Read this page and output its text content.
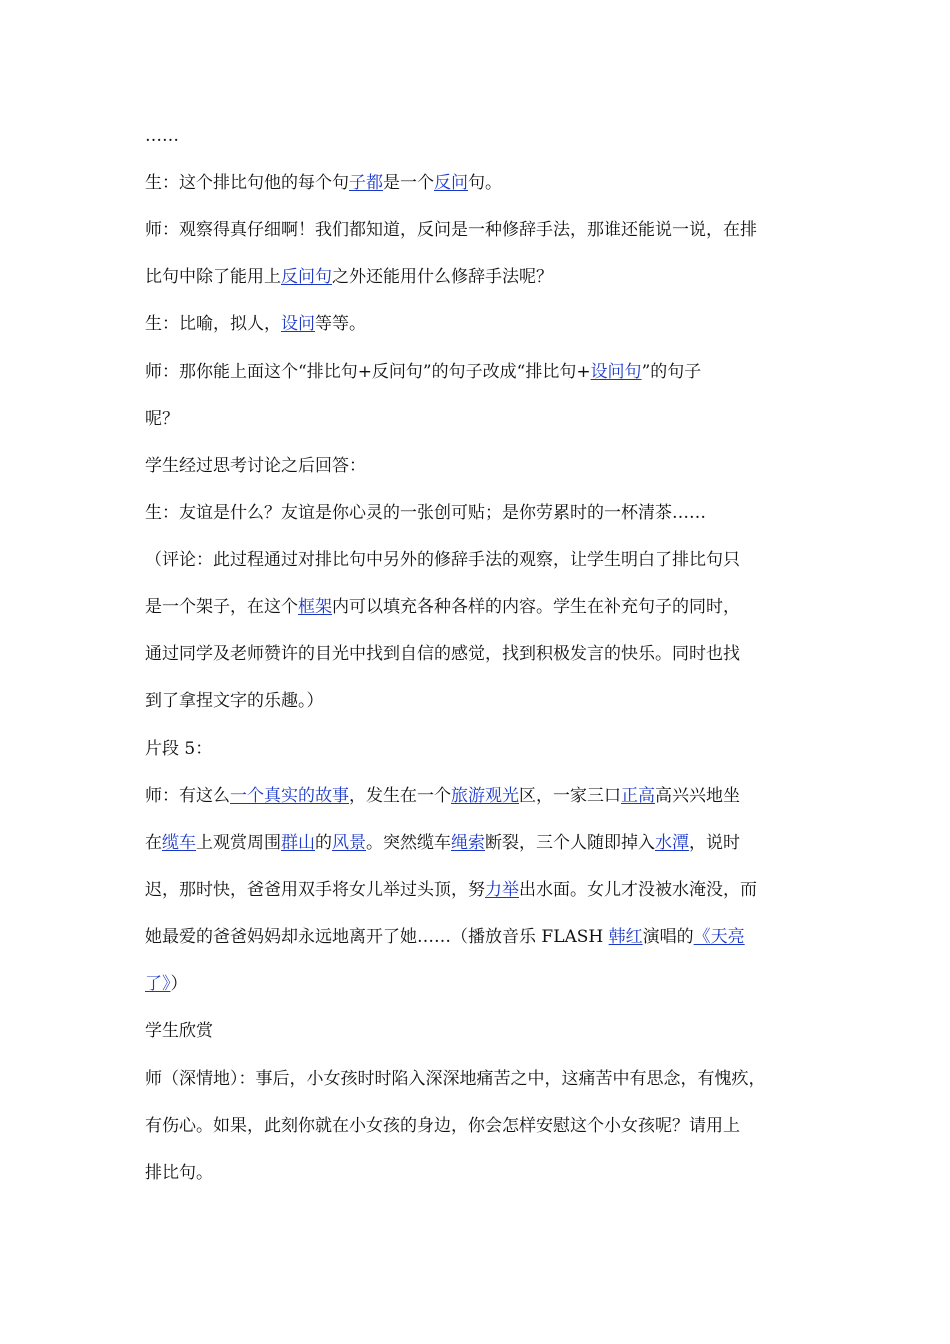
……
生：这个排比句他的每个句子都是一个反问句。
师：观察得真仔细啊！我们都知道，反问是一种修辞手法，那谁还能说一说，在排
比句中除了能用上反问句之外还能用什么修辞手法呢？
生：比喻，拟人，设问等等。
师：那你能上面这个“排比句+反问句”的句子改成“排比句+设问句”的句子
呢？
学生经过思考讨论之后回答：
生：友谊是什么？友谊是你心灵的一张创可贴；是你劳累时的一杯清茶……
（评论：此过程通过对排比句中另外的修辞手法的观察，让学生明白了排比句只
是一个架子，在这个框架内可以填充各种各样的内容。学生在补充句子的同时，
通过同学及老师赞许的目光中找到自信的感觉，找到积极发言的快乐。同时也找
到了拿捏文字的乐趣。）
片段 5：
师：有这么一个真实的故事，发生在一个旅游观光区，一家三口正高高兴兴地坐
在缆车上观赏周围群山的风景。突然缆车绳索断裂，三个人随即掉入水潭，说时
迟，那时快，爸爸用双手将女儿举过头顶，努力举出水面。女儿才没被水淹没，而
她最爱的爸爸妈妈却永远地离开了她……（播放音乐 FLASH 韩红演唱的《天亮
了》）
学生欣赏
师（深情地）：事后，小女孩时时陷入深深地痛苦之中，这痛苦中有思念，有愧疚，
有伤心。如果，此刻你就在小女孩的身边，你会怎样安慰这个小女孩呢？请用上
排比句。
